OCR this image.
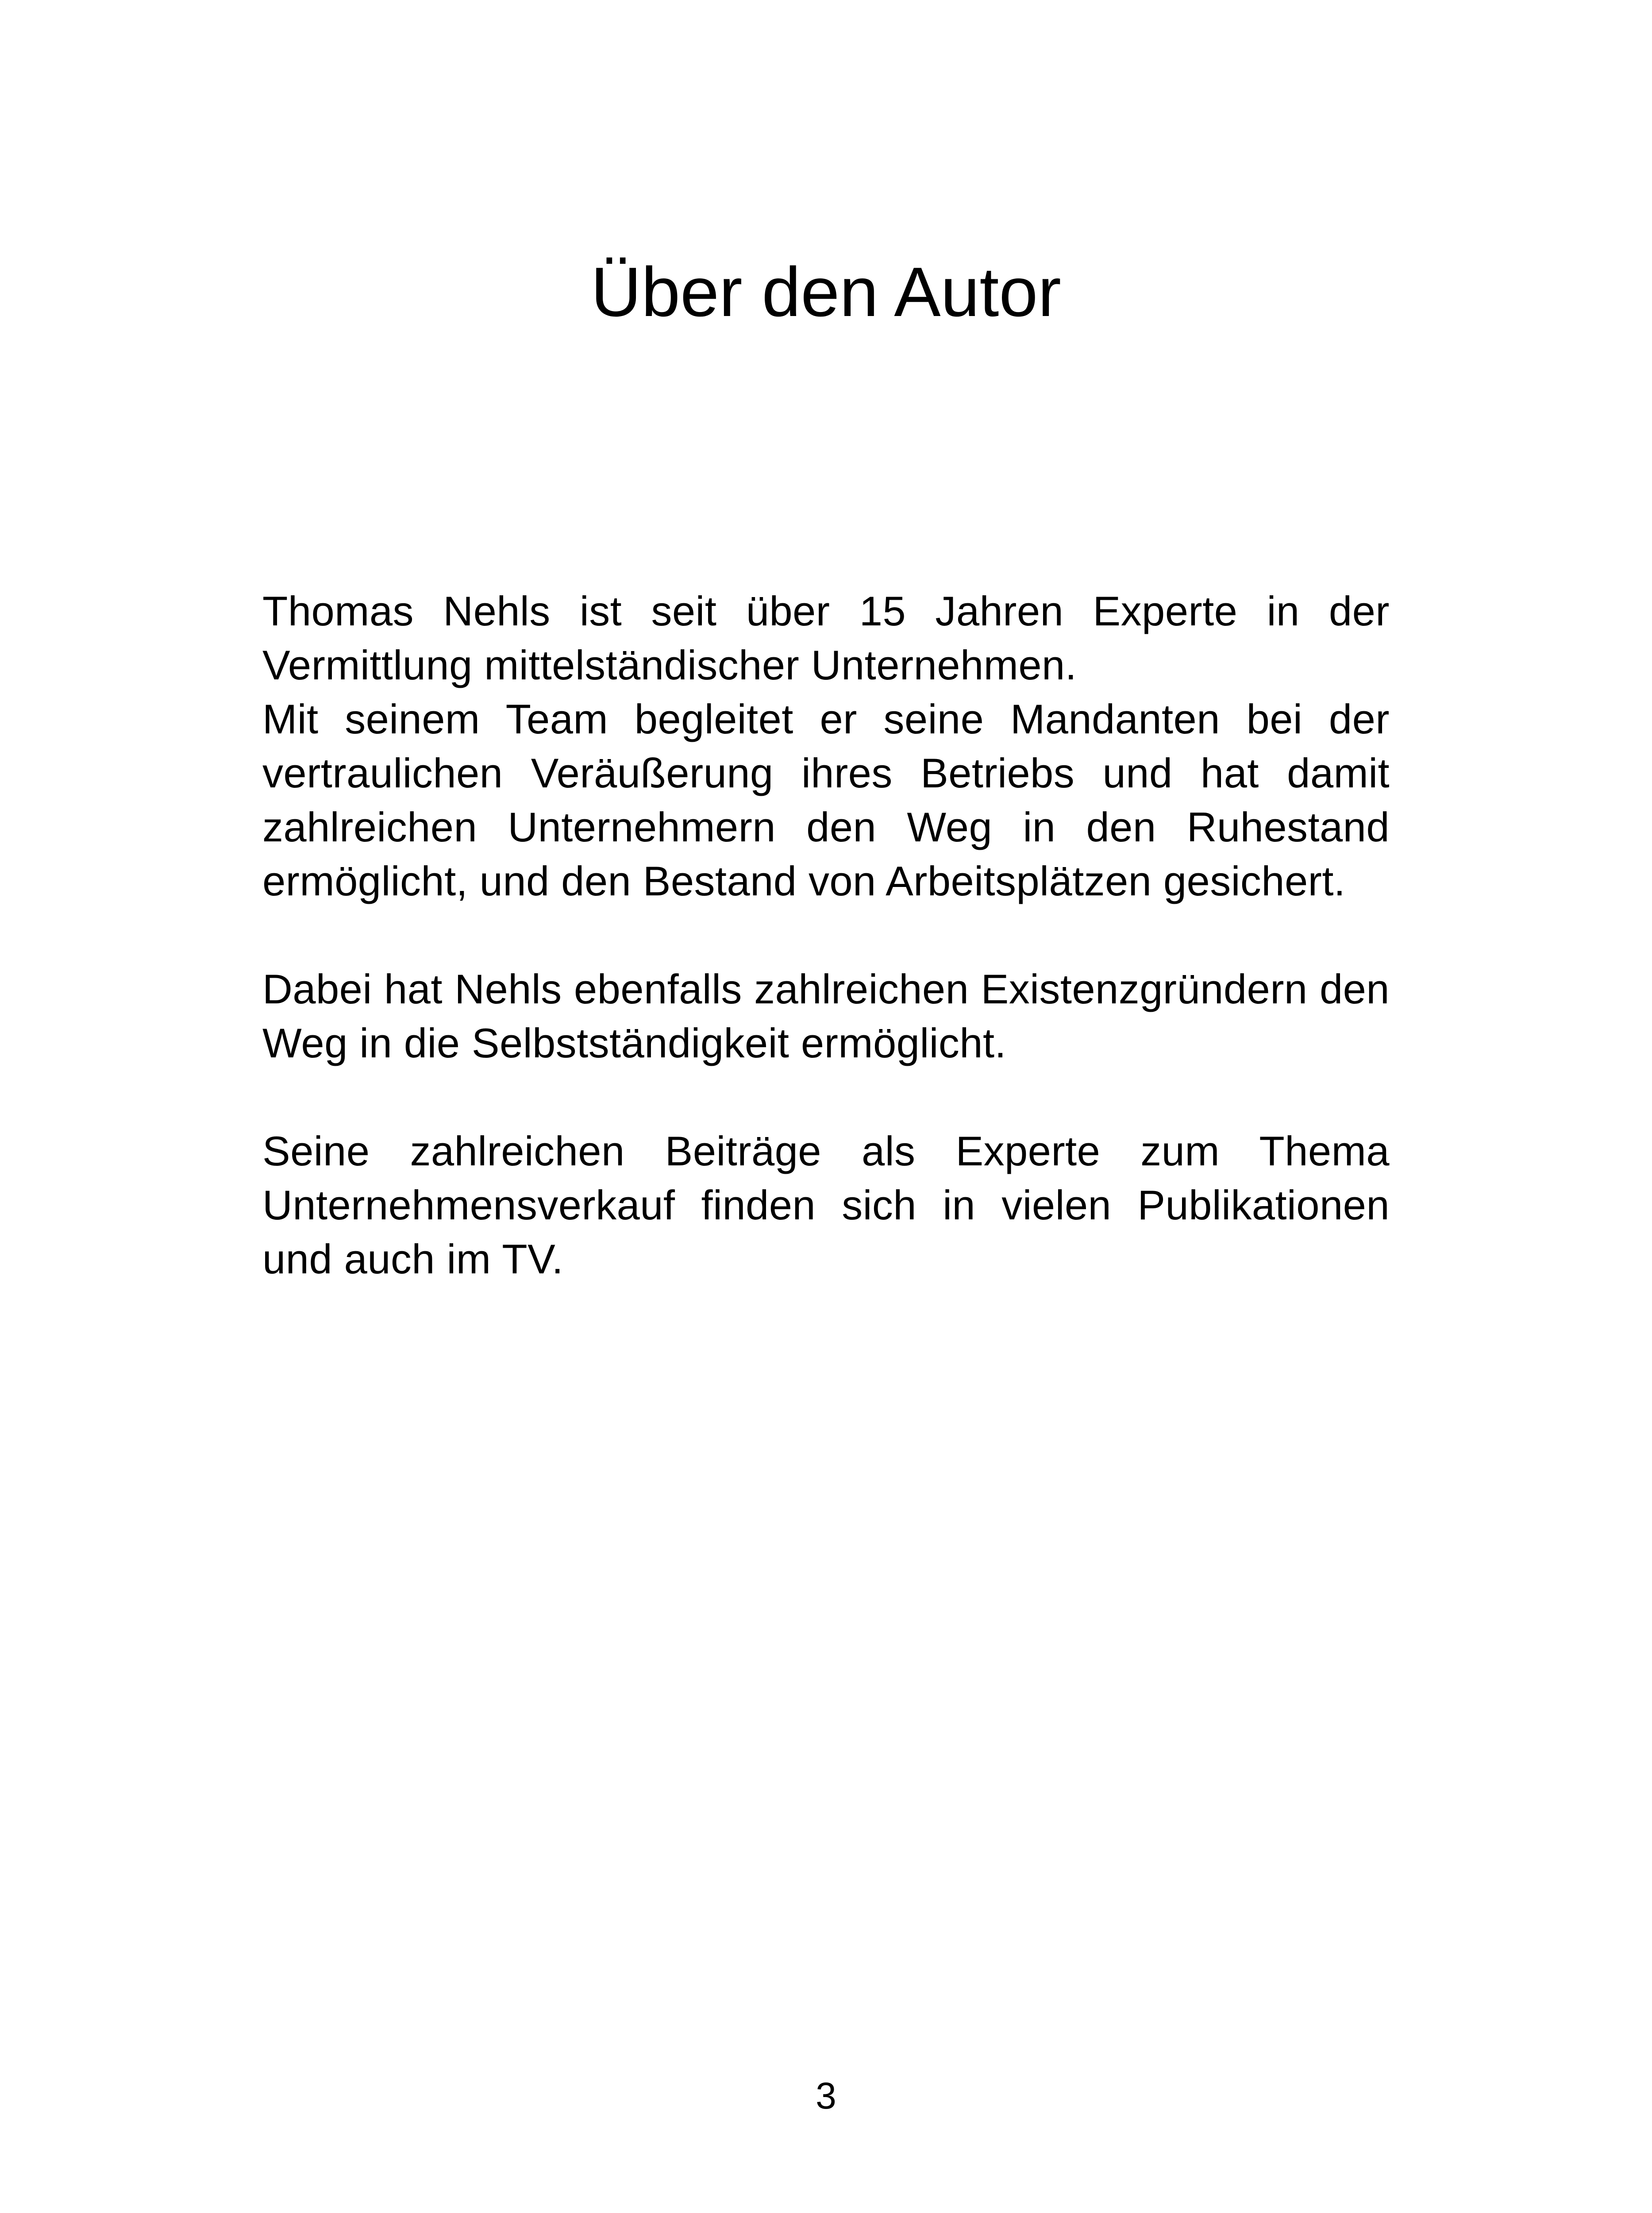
Über den Autor

Thomas Nehls ist seit über 15 Jahren Experte in der Vermittlung mittelständischer Unternehmen.

Mit seinem Team begleitet er seine Mandanten bei der vertraulichen Veräußerung ihres Betriebs und hat damit zahlreichen Unternehmern den Weg in den Ruhestand ermöglicht, und den Bestand von Arbeitsplätzen gesichert.

Dabei hat Nehls ebenfalls zahlreichen Existenzgründern den Weg in die Selbstständigkeit ermöglicht.

Seine zahlreichen Beiträge als Experte zum Thema Unternehmensverkauf finden sich in vielen Publikationen und auch im TV.

3
